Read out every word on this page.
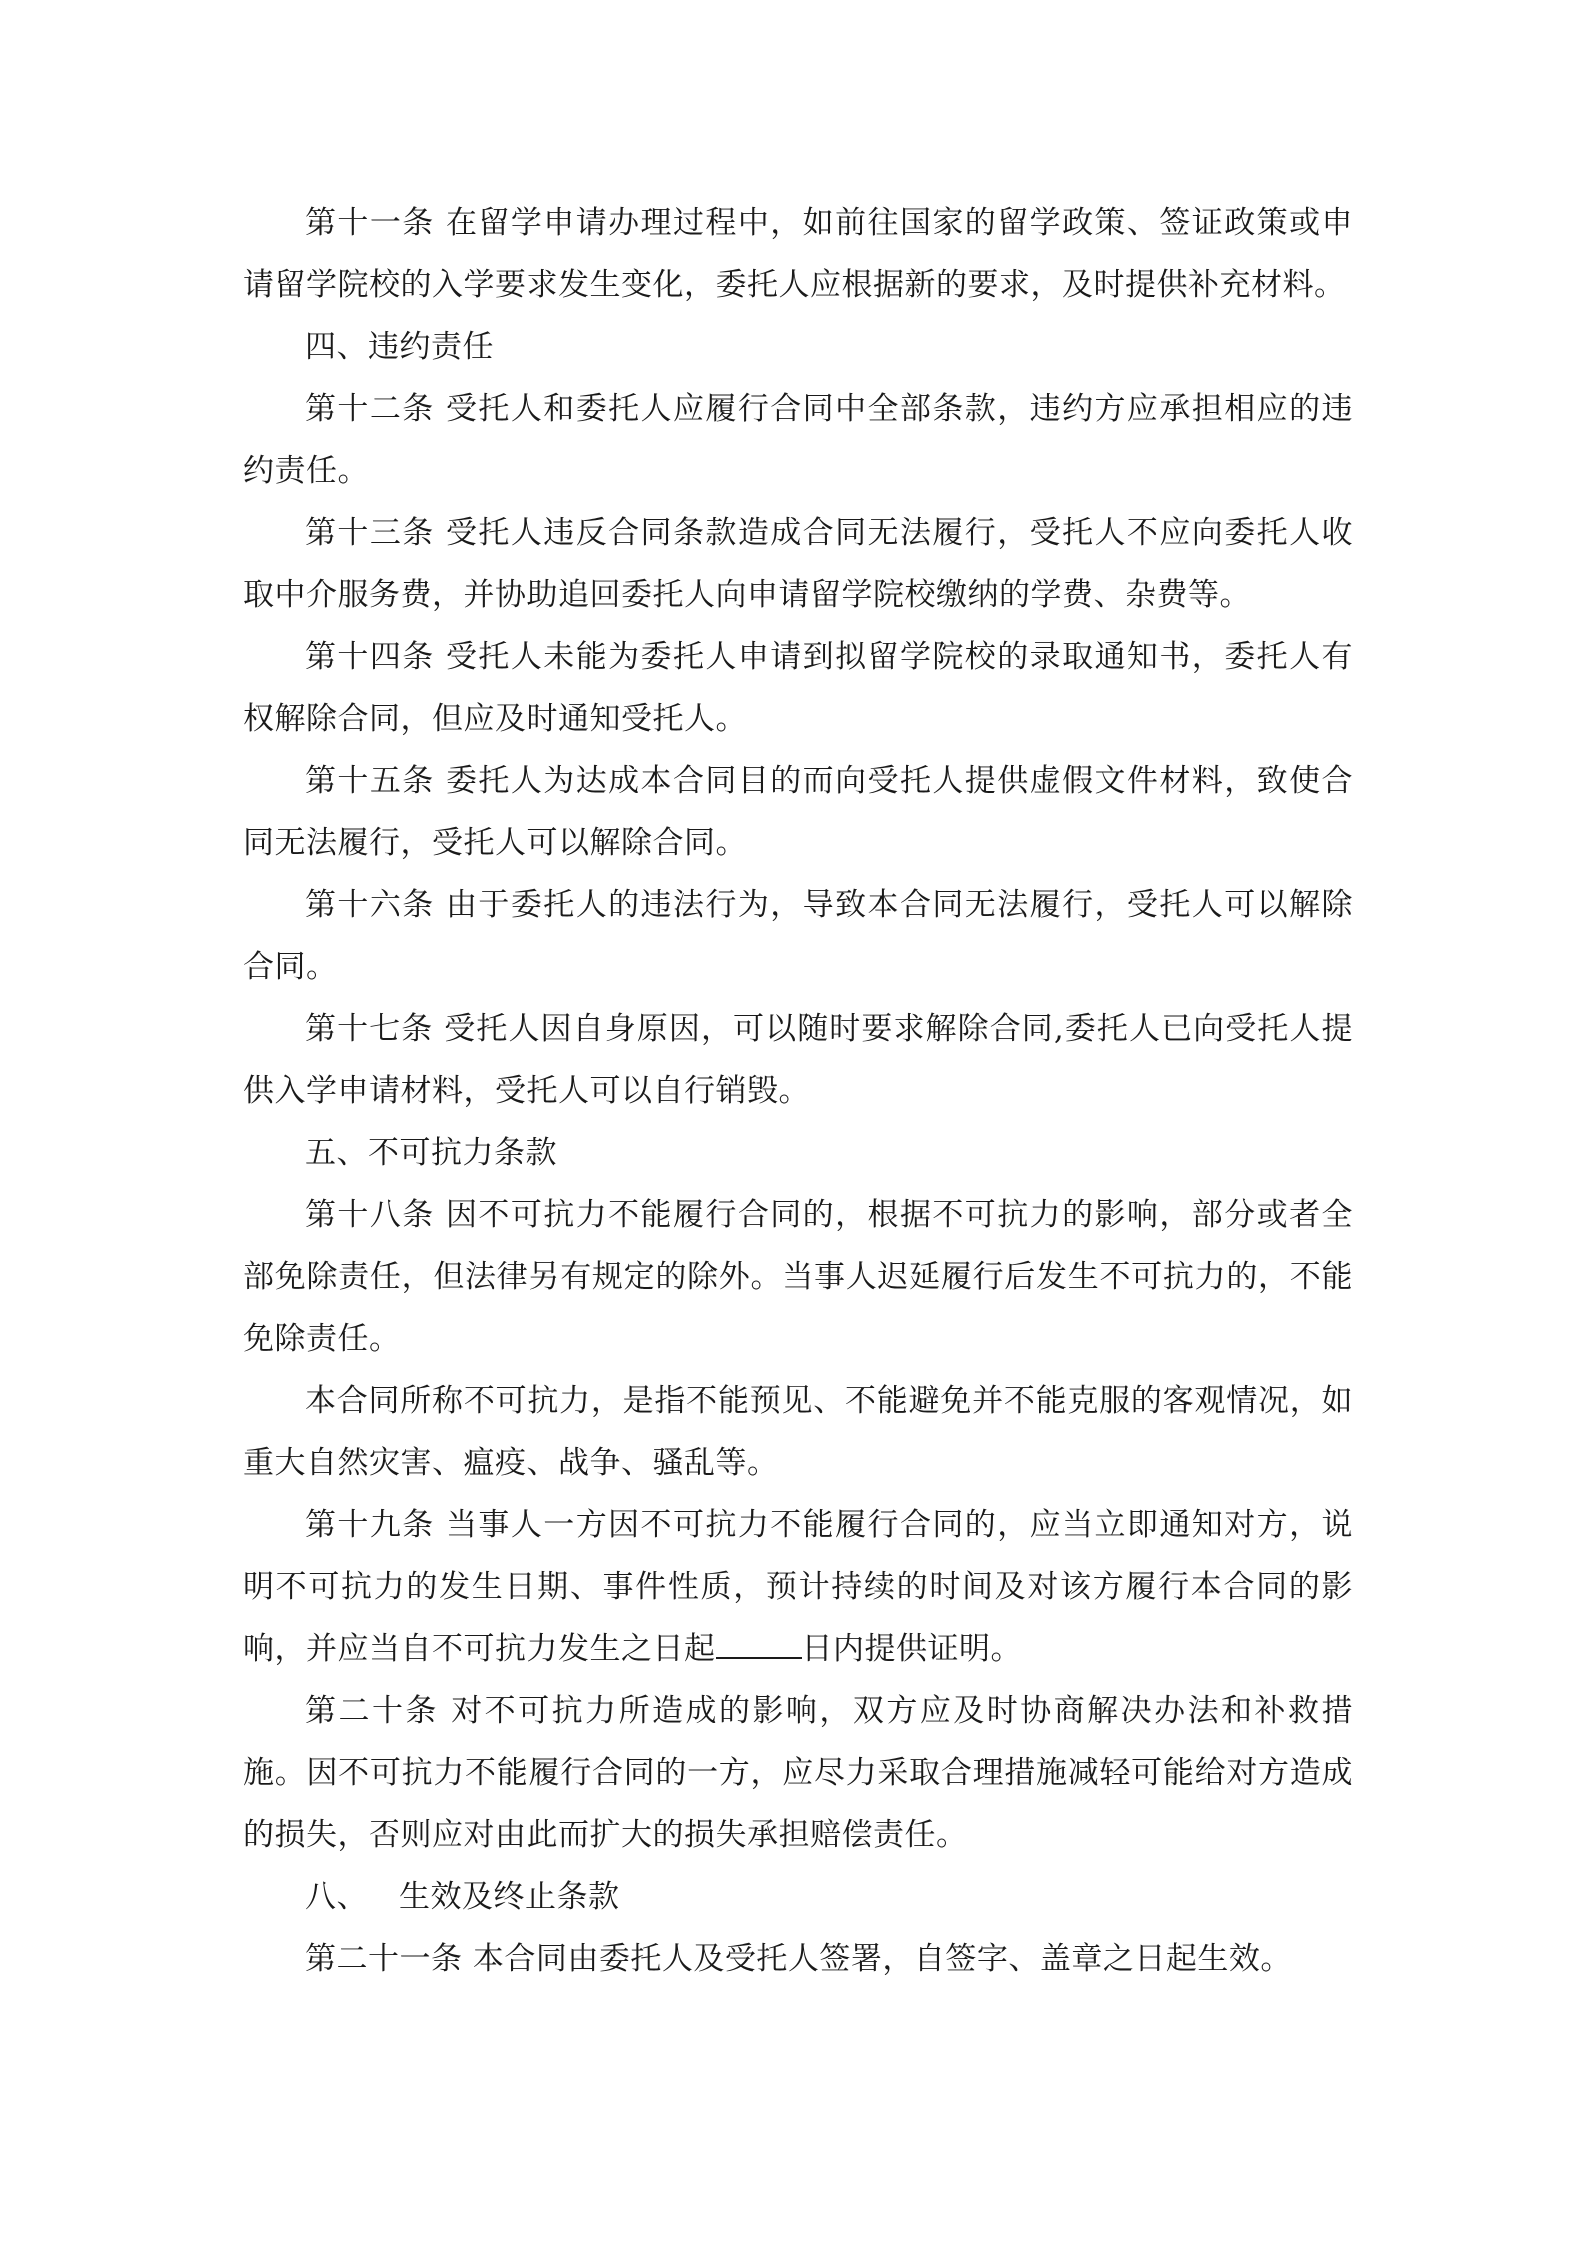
第十一条 在留学申请办理过程中，如前往国家的留学政策、签证政策或申请留学院校的入学要求发生变化，委托人应根据新的要求，及时提供补充材料。

四、违约责任

第十二条 受托人和委托人应履行合同中全部条款，违约方应承担相应的违约责任。

第十三条 受托人违反合同条款造成合同无法履行，受托人不应向委托人收取中介服务费，并协助追回委托人向申请留学院校缴纳的学费、杂费等。

第十四条 受托人未能为委托人申请到拟留学院校的录取通知书，委托人有权解除合同，但应及时通知受托人。

第十五条 委托人为达成本合同目的而向受托人提供虚假文件材料，致使合同无法履行，受托人可以解除合同。

第十六条 由于委托人的违法行为，导致本合同无法履行，受托人可以解除合同。

第十七条 受托人因自身原因，可以随时要求解除合同,委托人已向受托人提供入学申请材料，受托人可以自行销毁。

五、不可抗力条款

第十八条 因不可抗力不能履行合同的，根据不可抗力的影响，部分或者全部免除责任，但法律另有规定的除外。当事人迟延履行后发生不可抗力的，不能免除责任。

本合同所称不可抗力，是指不能预见、不能避免并不能克服的客观情况，如重大自然灾害、瘟疫、战争、骚乱等。

第十九条 当事人一方因不可抗力不能履行合同的，应当立即通知对方，说明不可抗力的发生日期、事件性质，预计持续的时间及对该方履行本合同的影响，并应当自不可抗力发生之日起	日内提供证明。

第二十条 对不可抗力所造成的影响，双方应及时协商解决办法和补救措施。因不可抗力不能履行合同的一方，应尽力采取合理措施减轻可能给对方造成的损失，否则应对由此而扩大的损失承担赔偿责任。

八、 生效及终止条款

第二十一条 本合同由委托人及受托人签署，自签字、盖章之日起生效。
